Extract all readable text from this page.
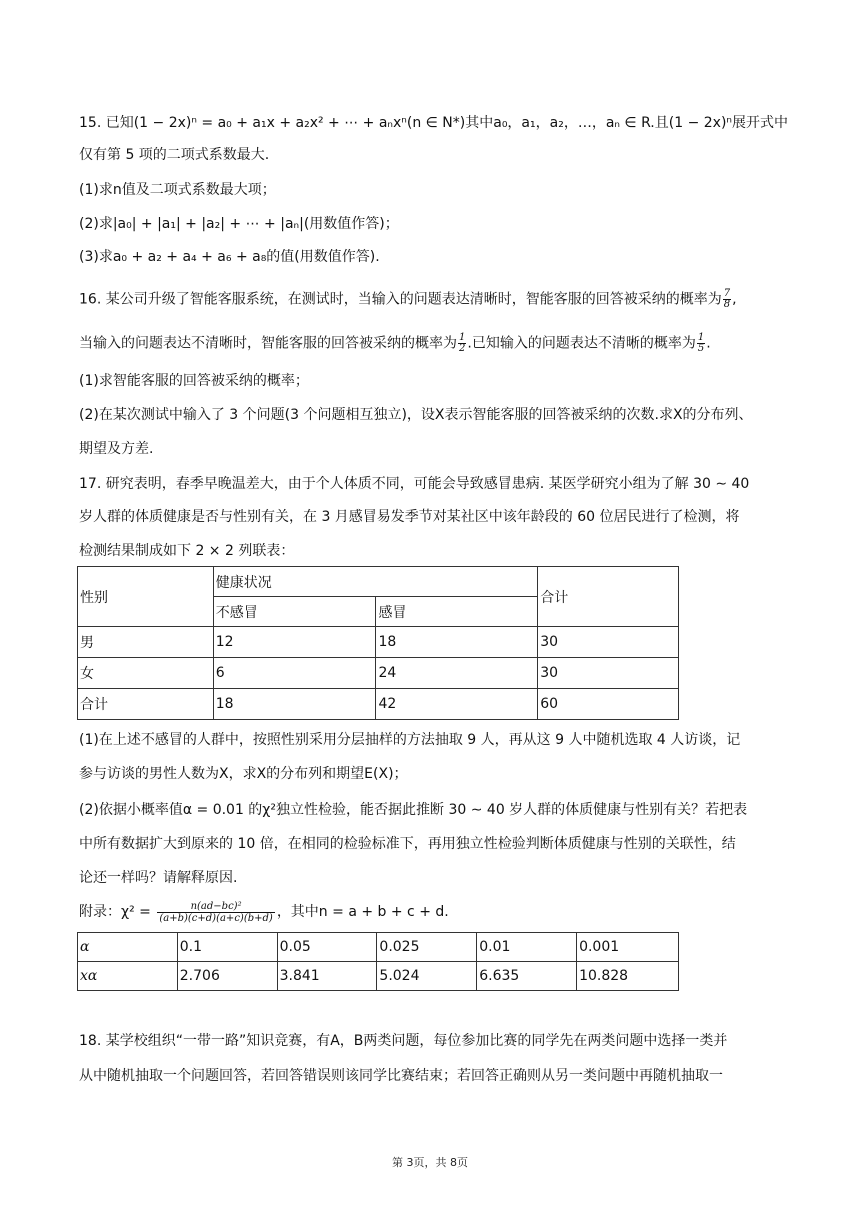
15. 已知(1 − 2x)ⁿ = a₀ + a₁x + a₂x² + ⋯ + aₙxⁿ(n ∈ N*)其中a₀，a₁，a₂，…，aₙ ∈ R.且(1 − 2x)ⁿ展开式中
仅有第 5 项的二项式系数最大.
(1)求n值及二项式系数最大项；
(2)求|a₀| + |a₁| + |a₂| + ⋯ + |aₙ|(用数值作答)；
(3)求a₀ + a₂ + a₄ + a₆ + a₈的值(用数值作答).
16. 某公司升级了智能客服系统，在测试时，当输入的问题表达清晰时，智能客服的回答被采纳的概率为 $\frac{7}{8}$ ,
当输入的问题表达不清晰时，智能客服的回答被采纳的概率为 $\frac{1}{2}$ .已知输入的问题表达不清晰的概率为 $\frac{1}{5}$ .
(1)求智能客服的回答被采纳的概率；
(2)在某次测试中输入了 3 个问题(3 个问题相互独立)，设X表示智能客服的回答被采纳的次数.求X的分布列、
期望及方差.
17. 研究表明，春季早晚温差大，由于个人体质不同，可能会导致感冒患病. 某医学研究小组为了解 30 ∼ 40
岁人群的体质健康是否与性别有关，在 3 月感冒易发季节对某社区中该年龄段的 60 位居民进行了检测，将
检测结果制成如下 2 × 2 列联表：
性别	健康状况		合计
	不感冒	感冒	
男	12	18	30
女	6	24	30
合计	18	42	60
(1)在上述不感冒的人群中，按照性别采用分层抽样的方法抽取 9 人，再从这 9 人中随机选取 4 人访谈，记
参与访谈的男性人数为X，求X的分布列和期望E(X)；
(2)依据小概率值α = 0.01 的χ²独立性检验，能否据此推断 30 ∼ 40 岁人群的体质健康与性别有关？若把表
中所有数据扩大到原来的 10 倍，在相同的检验标准下，再用独立性检验判断体质健康与性别的关联性，结
论还一样吗？请解释原因.
附录：$\chi^2 = \frac{\text{n(ad−bc)²}}{(a+b)(c+d)(a+c)(b+d)}$ ，其中n = a + b + c + d.
α	0.1	0.05	0.025	0.01	0.001
xα	2.706	3.841	5.024	6.635	10.828
18. 某学校组织“一带一路”知识竞赛，有A，B两类问题，每位参加比赛的同学先在两类问题中选择一类并
从中随机抽取一个问题回答，若回答错误则该同学比赛结束；若回答正确则从另一类问题中再随机抽取一
第 3页，共 8页
